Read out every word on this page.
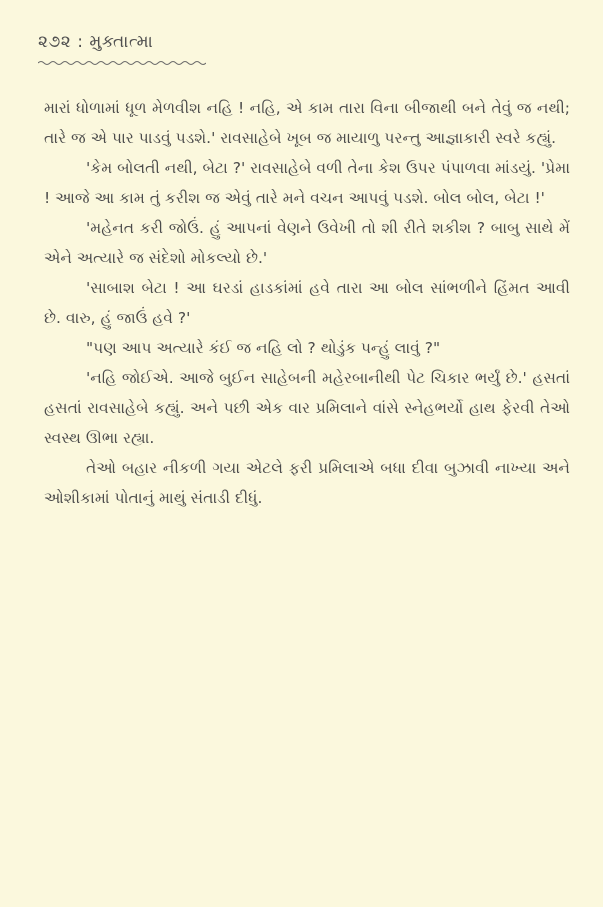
૨૭૨ : મુક્તાત્મા

મારાં ધોળામાં ધૂળ મેળવીશ નહિ ! નહિ, એ કામ તારા વિના બીજાથી બને તેવું જ નથી; તારે જ એ પાર પાડવું પડશે.' રાવસાહેબે ખૂબ જ માયાળુ પરન્તુ આજ્ઞાકારી સ્વરે કહ્યું.

'કેમ બોલતી નથી, બેટા ?' રાવસાહેબે વળી તેના કેશ ઉપર પંપાળવા માંડયું. 'પ્રેમા ! આજે આ કામ તું કરીશ જ એવું તારે મને વચન આપવું પડશે. બોલ બોલ, બેટા !'

'મહેનત કરી જોઉં. હું આપનાં વેણને ઉવેખી તો શી રીતે શકીશ ? બાબુ સાથે મેં એને અત્યારે જ સંદેશો મોકલ્યો છે.'

'સાબાશ બેટા ! આ ઘરડાં હાડકાંમાં હવે તારા આ બોલ સાંભળીને હિંમત આવી છે. વારુ, હું જાઉં હવે ?'

"પણ આપ અત્યારે કંઈ જ નહિ લો ? થોડુંક પન્હું લાવું ?"

'નહિ જોઈએ. આજે બુઈન સાહેબની મહેરબાનીથી પેટ ચિકાર ભર્યું છે.' હસતાં હસતાં રાવસાહેબે કહ્યું. અને પછી એક વાર પ્રમિલાને વાંસે સ્નેહભર્યો હાથ ફેરવી તેઓ સ્વસ્થ ઊભા રહ્યા.

તેઓ બહાર નીકળી ગયા એટલે ફરી પ્રમિલાએ બધા દીવા બુઝાવી નાખ્યા અને ઓશીકામાં પોતાનું માથું સંતાડી દીધું.
